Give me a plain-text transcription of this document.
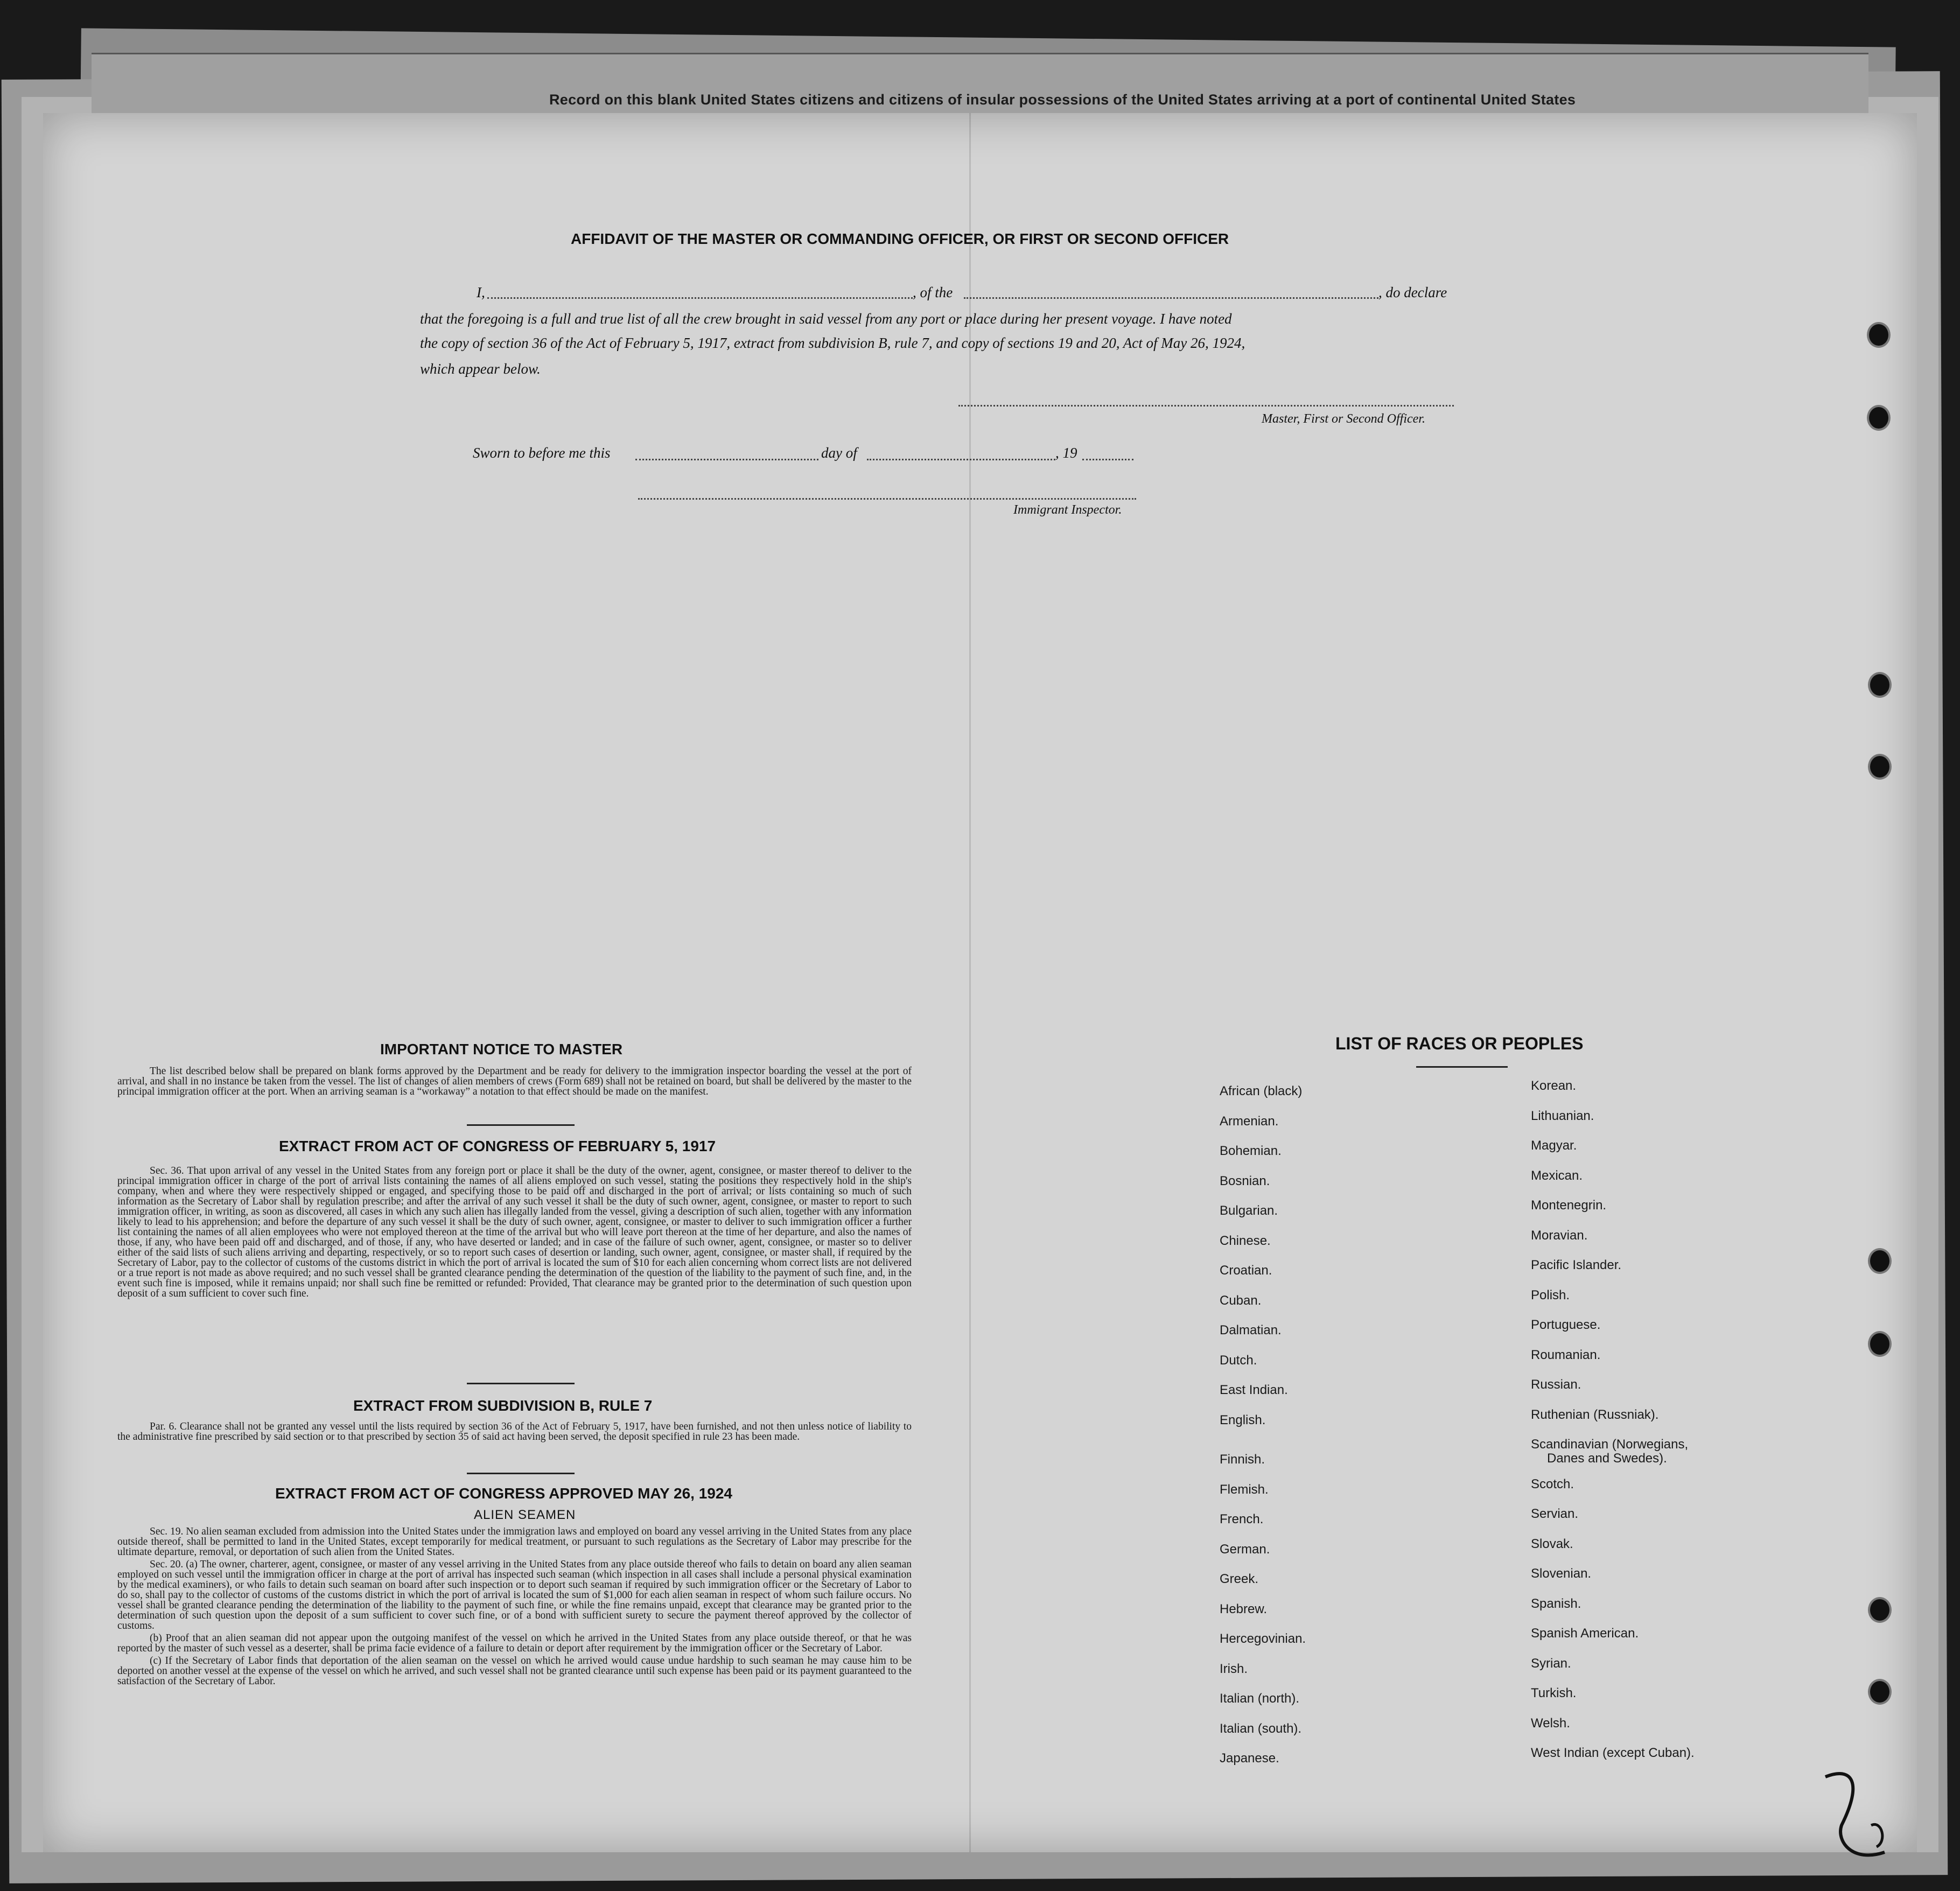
Record on this blank United States citizens and citizens of insular possessions of the United States arriving at a port of continental United States
AFFIDAVIT OF THE MASTER OR COMMANDING OFFICER, OR FIRST OR SECOND OFFICER
I,	, of the	, do declare
that the foregoing is a full and true list of all the crew brought in said vessel from any port or place during her present voyage. I have noted
the copy of section 36 of the Act of February 5, 1917, extract from subdivision B, rule 7, and copy of sections 19 and 20, Act of May 26, 1924,
which appear below.
Master, First or Second Officer.
Sworn to before me this	day of	, 19
Immigrant Inspector.
IMPORTANT NOTICE TO MASTER

The list described below shall be prepared on blank forms approved by the Department and be ready for delivery to the immigration inspector boarding the vessel at the port of arrival, and shall in no instance be taken from the vessel. The list of changes of alien members of crews (Form 689) shall not be retained on board, but shall be delivered by the master to the principal immigration officer at the port. When an arriving seaman is a “workaway” a notation to that effect should be made on the manifest.

EXTRACT FROM ACT OF CONGRESS OF FEBRUARY 5, 1917

Sec. 36. That upon arrival of any vessel in the United States from any foreign port or place it shall be the duty of the owner, agent, consignee, or master thereof to deliver to the principal immigration officer in charge of the port of arrival lists containing the names of all aliens employed on such vessel, stating the positions they respectively hold in the ship's company, when and where they were respectively shipped or engaged, and specifying those to be paid off and discharged in the port of arrival; or lists containing so much of such information as the Secretary of Labor shall by regulation prescribe; and after the arrival of any such vessel it shall be the duty of such owner, agent, consignee, or master to report to such immigration officer, in writing, as soon as discovered, all cases in which any such alien has illegally landed from the vessel, giving a description of such alien, together with any information likely to lead to his apprehension; and before the departure of any such vessel it shall be the duty of such owner, agent, consignee, or master to deliver to such immigration officer a further list containing the names of all alien employees who were not employed thereon at the time of the arrival but who will leave port thereon at the time of her departure, and also the names of those, if any, who have been paid off and discharged, and of those, if any, who have deserted or landed; and in case of the failure of such owner, agent, consignee, or master so to deliver either of the said lists of such aliens arriving and departing, respectively, or so to report such cases of desertion or landing, such owner, agent, consignee, or master shall, if required by the Secretary of Labor, pay to the collector of customs of the customs district in which the port of arrival is located the sum of $10 for each alien concerning whom correct lists are not delivered or a true report is not made as above required; and no such vessel shall be granted clearance pending the determination of the question of the liability to the payment of such fine, and, in the event such fine is imposed, while it remains unpaid; nor shall such fine be remitted or refunded: Provided, That clearance may be granted prior to the determination of such question upon deposit of a sum sufficient to cover such fine.

EXTRACT FROM SUBDIVISION B, RULE 7

Par. 6. Clearance shall not be granted any vessel until the lists required by section 36 of the Act of February 5, 1917, have been furnished, and not then unless notice of liability to the administrative fine prescribed by said section or to that prescribed by section 35 of said act having been served, the deposit specified in rule 23 has been made.

EXTRACT FROM ACT OF CONGRESS APPROVED MAY 26, 1924
ALIEN SEAMEN

Sec. 19. No alien seaman excluded from admission into the United States under the immigration laws and employed on board any vessel arriving in the United States from any place outside thereof, shall be permitted to land in the United States, except temporarily for medical treatment, or pursuant to such regulations as the Secretary of Labor may prescribe for the ultimate departure, removal, or deportation of such alien from the United States.

Sec. 20. (a) The owner, charterer, agent, consignee, or master of any vessel arriving in the United States from any place outside thereof who fails to detain on board any alien seaman employed on such vessel until the immigration officer in charge at the port of arrival has inspected such seaman (which inspection in all cases shall include a personal physical examination by the medical examiners), or who fails to detain such seaman on board after such inspection or to deport such seaman if required by such immigration officer or the Secretary of Labor to do so, shall pay to the collector of customs of the customs district in which the port of arrival is located the sum of $1,000 for each alien seaman in respect of whom such failure occurs. No vessel shall be granted clearance pending the determination of the liability to the payment of such fine, or while the fine remains unpaid, except that clearance may be granted prior to the determination of such question upon the deposit of a sum sufficient to cover such fine, or of a bond with sufficient surety to secure the payment thereof approved by the collector of customs.

(b) Proof that an alien seaman did not appear upon the outgoing manifest of the vessel on which he arrived in the United States from any place outside thereof, or that he was reported by the master of such vessel as a deserter, shall be prima facie evidence of a failure to detain or deport after requirement by the immigration officer or the Secretary of Labor.

(c) If the Secretary of Labor finds that deportation of the alien seaman on the vessel on which he arrived would cause undue hardship to such seaman he may cause him to be deported on another vessel at the expense of the vessel on which he arrived, and such vessel shall not be granted clearance until such expense has been paid or its payment guaranteed to the satisfaction of the Secretary of Labor.

LIST OF RACES OR PEOPLES
African (black)
Armenian.
Bohemian.
Bosnian.
Bulgarian.
Chinese.
Croatian.
Cuban.
Dalmatian.
Dutch.
East Indian.
English.
Finnish.
Flemish.
French.
German.
Greek.
Hebrew.
Hercegovinian.
Irish.
Italian (north).
Italian (south).
Japanese.
Korean.
Lithuanian.
Magyar.
Mexican.
Montenegrin.
Moravian.
Pacific Islander.
Polish.
Portuguese.
Roumanian.
Russian.
Ruthenian (Russniak).
Scandinavian (Norwegians,
Danes and Swedes).
Scotch.
Servian.
Slovak.
Slovenian.
Spanish.
Spanish American.
Syrian.
Turkish.
Welsh.
West Indian (except Cuban).
